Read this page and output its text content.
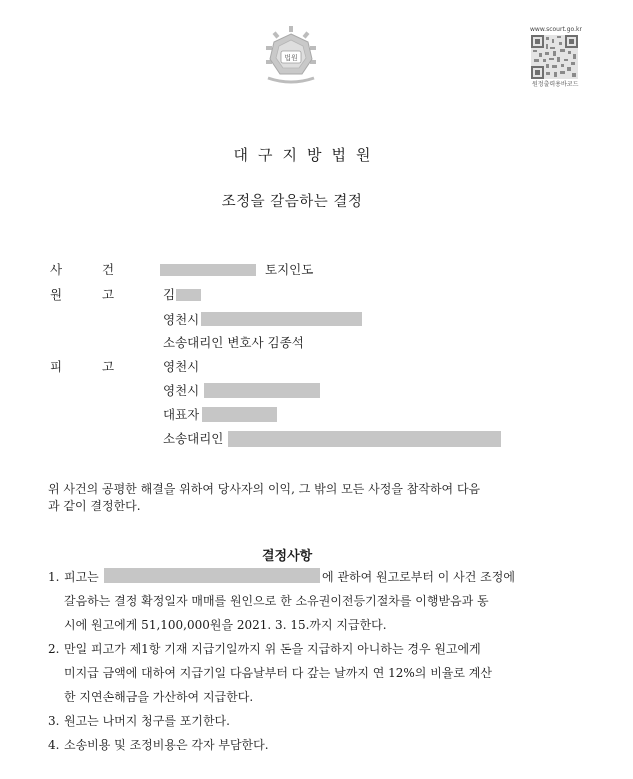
법원
www.scourt.go.kr
원정출력용바코드
대구지방법원
조정을 갈음하는 결정
사 건	토지인도
원 고	김
영천시
소송대리인 변호사 김종석
피 고	영천시
영천시
대표자
소송대리인
위 사건의 공평한 해결을 위하여 당사자의 이익, 그 밖의 모든 사정을 참작하여 다음
과 같이 결정한다.
결정사항
1. 피고는	에 관하여 원고로부터 이 사건 조정에
갈음하는 결정 확정일자 매매를 원인으로 한 소유권이전등기절차를 이행받음과 동
시에 원고에게 51,100,000원을 2021. 3. 15.까지 지급한다.
2. 만일 피고가 제1항 기재 지급기일까지 위 돈을 지급하지 아니하는 경우 원고에게
미지급 금액에 대하여 지급기일 다음날부터 다 갚는 날까지 연 12%의 비율로 계산
한 지연손해금을 가산하여 지급한다.
3. 원고는 나머지 청구를 포기한다.
4. 소송비용 및 조정비용은 각자 부담한다.
